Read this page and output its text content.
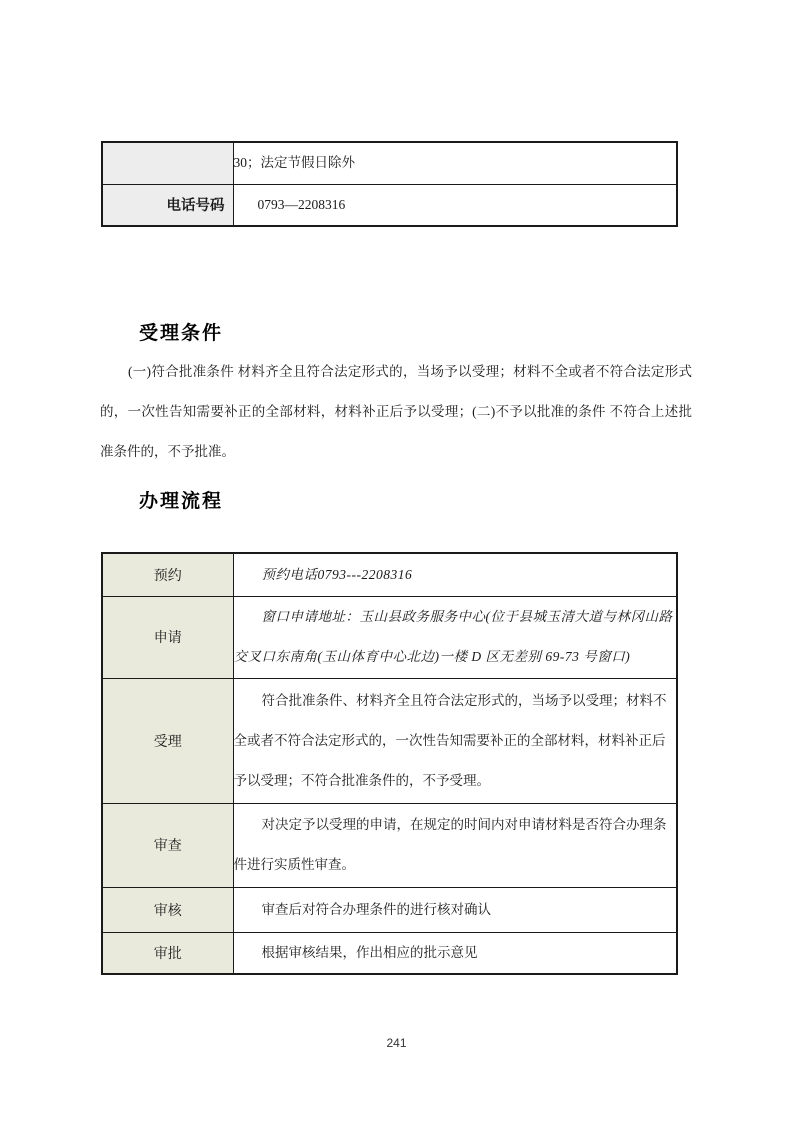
	30；法定节假日除外
电话号码	0793—2208316
受理条件
(一)符合批准条件 材料齐全且符合法定形式的，当场予以受理；材料不全或者不符合法定形式的，一次性告知需要补正的全部材料，材料补正后予以受理；(二)不予以批准的条件 不符合上述批准条件的，不予批准。
办理流程
预约	预约电话0793---2208316

申请	窗口申请地址：玉山县政务服务中心(位于县城玉清大道与林冈山路交叉口东南角(玉山体育中心北边)一楼 D 区无差别 69-73 号窗口)

受理	符合批准条件、材料齐全且符合法定形式的，当场予以受理；材料不全或者不符合法定形式的，一次性告知需要补正的全部材料，材料补正后予以受理；不符合批准条件的，不予受理。

审查	对决定予以受理的申请，在规定的时间内对申请材料是否符合办理条件进行实质性审查。

审核	审查后对符合办理条件的进行核对确认

审批	根据审核结果，作出相应的批示意见
241
